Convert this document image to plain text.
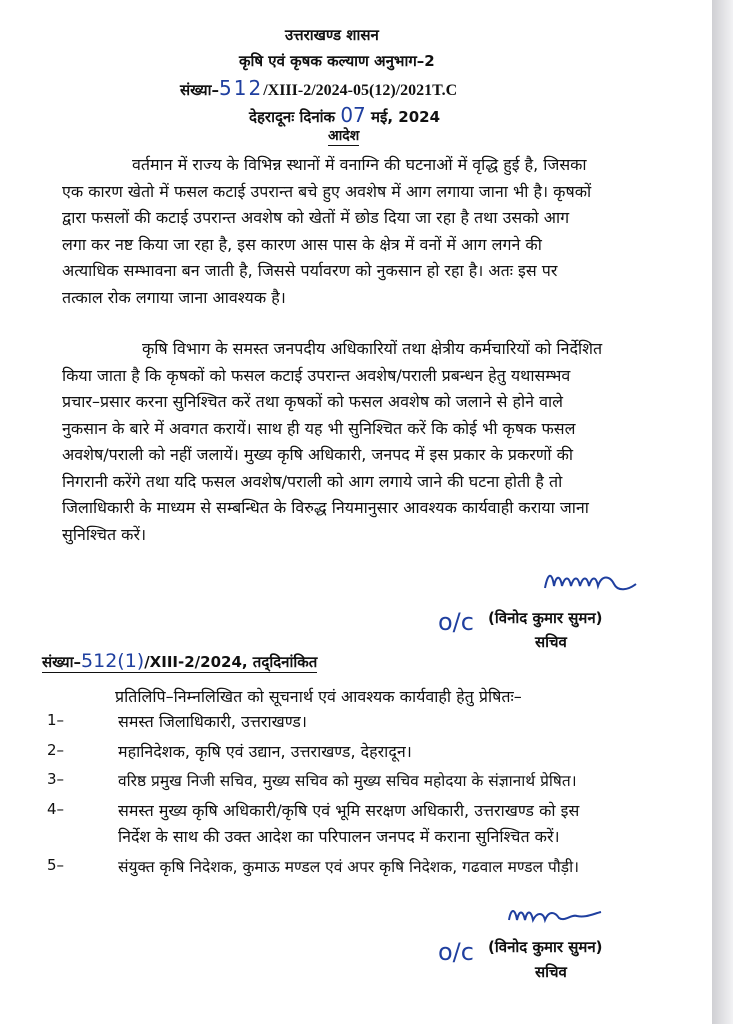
उत्तराखण्ड शासन
कृषि एवं कृषक कल्याण अनुभाग–2
संख्या–512/XIII-2/2024-05(12)/2021T.C
देहरादूनः दिनांक 07 मई, 2024
आदेश
वर्तमान में राज्य के विभिन्न स्थानों में वनाग्नि की घटनाओं में वृद्धि हुई है, जिसका
एक कारण खेतो में फसल कटाई उपरान्त बचे हुए अवशेष में आग लगाया जाना भी है। कृषकों
द्वारा फसलों की कटाई उपरान्त अवशेष को खेतों में छोड दिया जा रहा है तथा उसको आग
लगा कर नष्ट किया जा रहा है, इस कारण आस पास के क्षेत्र में वनों में आग लगने की
अत्याधिक सम्भावना बन जाती है, जिससे पर्यावरण को नुकसान हो रहा है। अतः इस पर
तत्काल रोक लगाया जाना आवश्यक है।
कृषि विभाग के समस्त जनपदीय अधिकारियों तथा क्षेत्रीय कर्मचारियों को निर्देशित
किया जाता है कि कृषकों को फसल कटाई उपरान्त अवशेष/पराली प्रबन्धन हेतु यथासम्भव
प्रचार–प्रसार करना सुनिश्चित करें तथा कृषकों को फसल अवशेष को जलाने से होने वाले
नुकसान के बारे में अवगत करायें। साथ ही यह भी सुनिश्चित करें कि कोई भी कृषक फसल
अवशेष/पराली को नहीं जलायें। मुख्य कृषि अधिकारी, जनपद में इस प्रकार के प्रकरणों की
निगरानी करेंगे तथा यदि फसल अवशेष/पराली को आग लगाये जाने की घटना होती है तो
जिलाधिकारी के माध्यम से सम्बन्धित के विरुद्ध नियमानुसार आवश्यक कार्यवाही कराया जाना
सुनिश्चित करें।
o/c (विनोद कुमार सुमन)
सचिव
संख्या–512(1)/XIII-2/2024, तद्‌दिनांकित
प्रतिलिपि–निम्नलिखित को सूचनार्थ एवं आवश्यक कार्यवाही हेतु प्रेषितः–
1–	समस्त जिलाधिकारी, उत्तराखण्ड।
2–	महानिदेशक, कृषि एवं उद्यान, उत्तराखण्ड, देहरादून।
3–	वरिष्ठ प्रमुख निजी सचिव, मुख्य सचिव को मुख्य सचिव महोदया के संज्ञानार्थ प्रेषित।
4–	समस्त मुख्य कृषि अधिकारी/कृषि एवं भूमि सरक्षण अधिकारी, उत्तराखण्ड को इस
निर्देश के साथ की उक्त आदेश का परिपालन जनपद में कराना सुनिश्चित करें।
5–	संयुक्त कृषि निदेशक, कुमाऊ मण्डल एवं अपर कृषि निदेशक, गढवाल मण्डल पौड़ी।
o/c (विनोद कुमार सुमन)
सचिव
